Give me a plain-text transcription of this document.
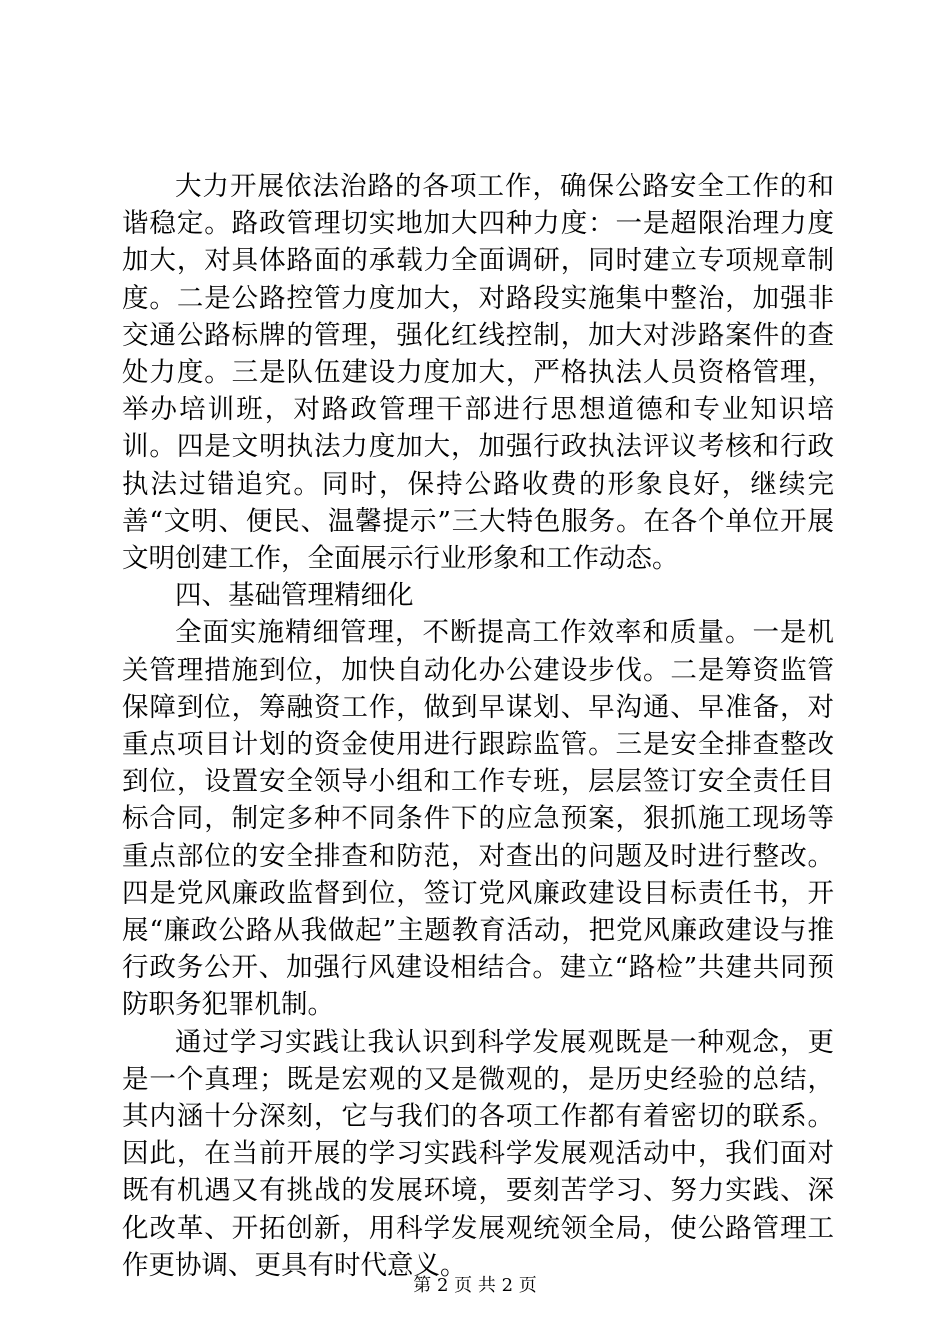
大力开展依法治路的各项工作，确保公路安全工作的和谐稳定。路政管理切实地加大四种力度：一是超限治理力度加大，对具体路面的承载力全面调研，同时建立专项规章制度。二是公路控管力度加大，对路段实施集中整治，加强非交通公路标牌的管理，强化红线控制，加大对涉路案件的查处力度。三是队伍建设力度加大，严格执法人员资格管理，举办培训班，对路政管理干部进行思想道德和专业知识培训。四是文明执法力度加大，加强行政执法评议考核和行政执法过错追究。同时，保持公路收费的形象良好，继续完善“文明、便民、温馨提示”三大特色服务。在各个单位开展文明创建工作，全面展示行业形象和工作动态。

四、基础管理精细化

全面实施精细管理，不断提高工作效率和质量。一是机关管理措施到位，加快自动化办公建设步伐。二是筹资监管保障到位，筹融资工作，做到早谋划、早沟通、早准备，对重点项目计划的资金使用进行跟踪监管。三是安全排查整改到位，设置安全领导小组和工作专班，层层签订安全责任目标合同，制定多种不同条件下的应急预案，狠抓施工现场等重点部位的安全排查和防范，对查出的问题及时进行整改。四是党风廉政监督到位，签订党风廉政建设目标责任书，开展“廉政公路从我做起”主题教育活动，把党风廉政建设与推行政务公开、加强行风建设相结合。建立“路检”共建共同预防职务犯罪机制。

通过学习实践让我认识到科学发展观既是一种观念，更是一个真理；既是宏观的又是微观的，是历史经验的总结，其内涵十分深刻，它与我们的各项工作都有着密切的联系。因此，在当前开展的学习实践科学发展观活动中，我们面对既有机遇又有挑战的发展环境，要刻苦学习、努力实践、深化改革、开拓创新，用科学发展观统领全局，使公路管理工作更协调、更具有时代意义。

第 2 页 共 2 页
